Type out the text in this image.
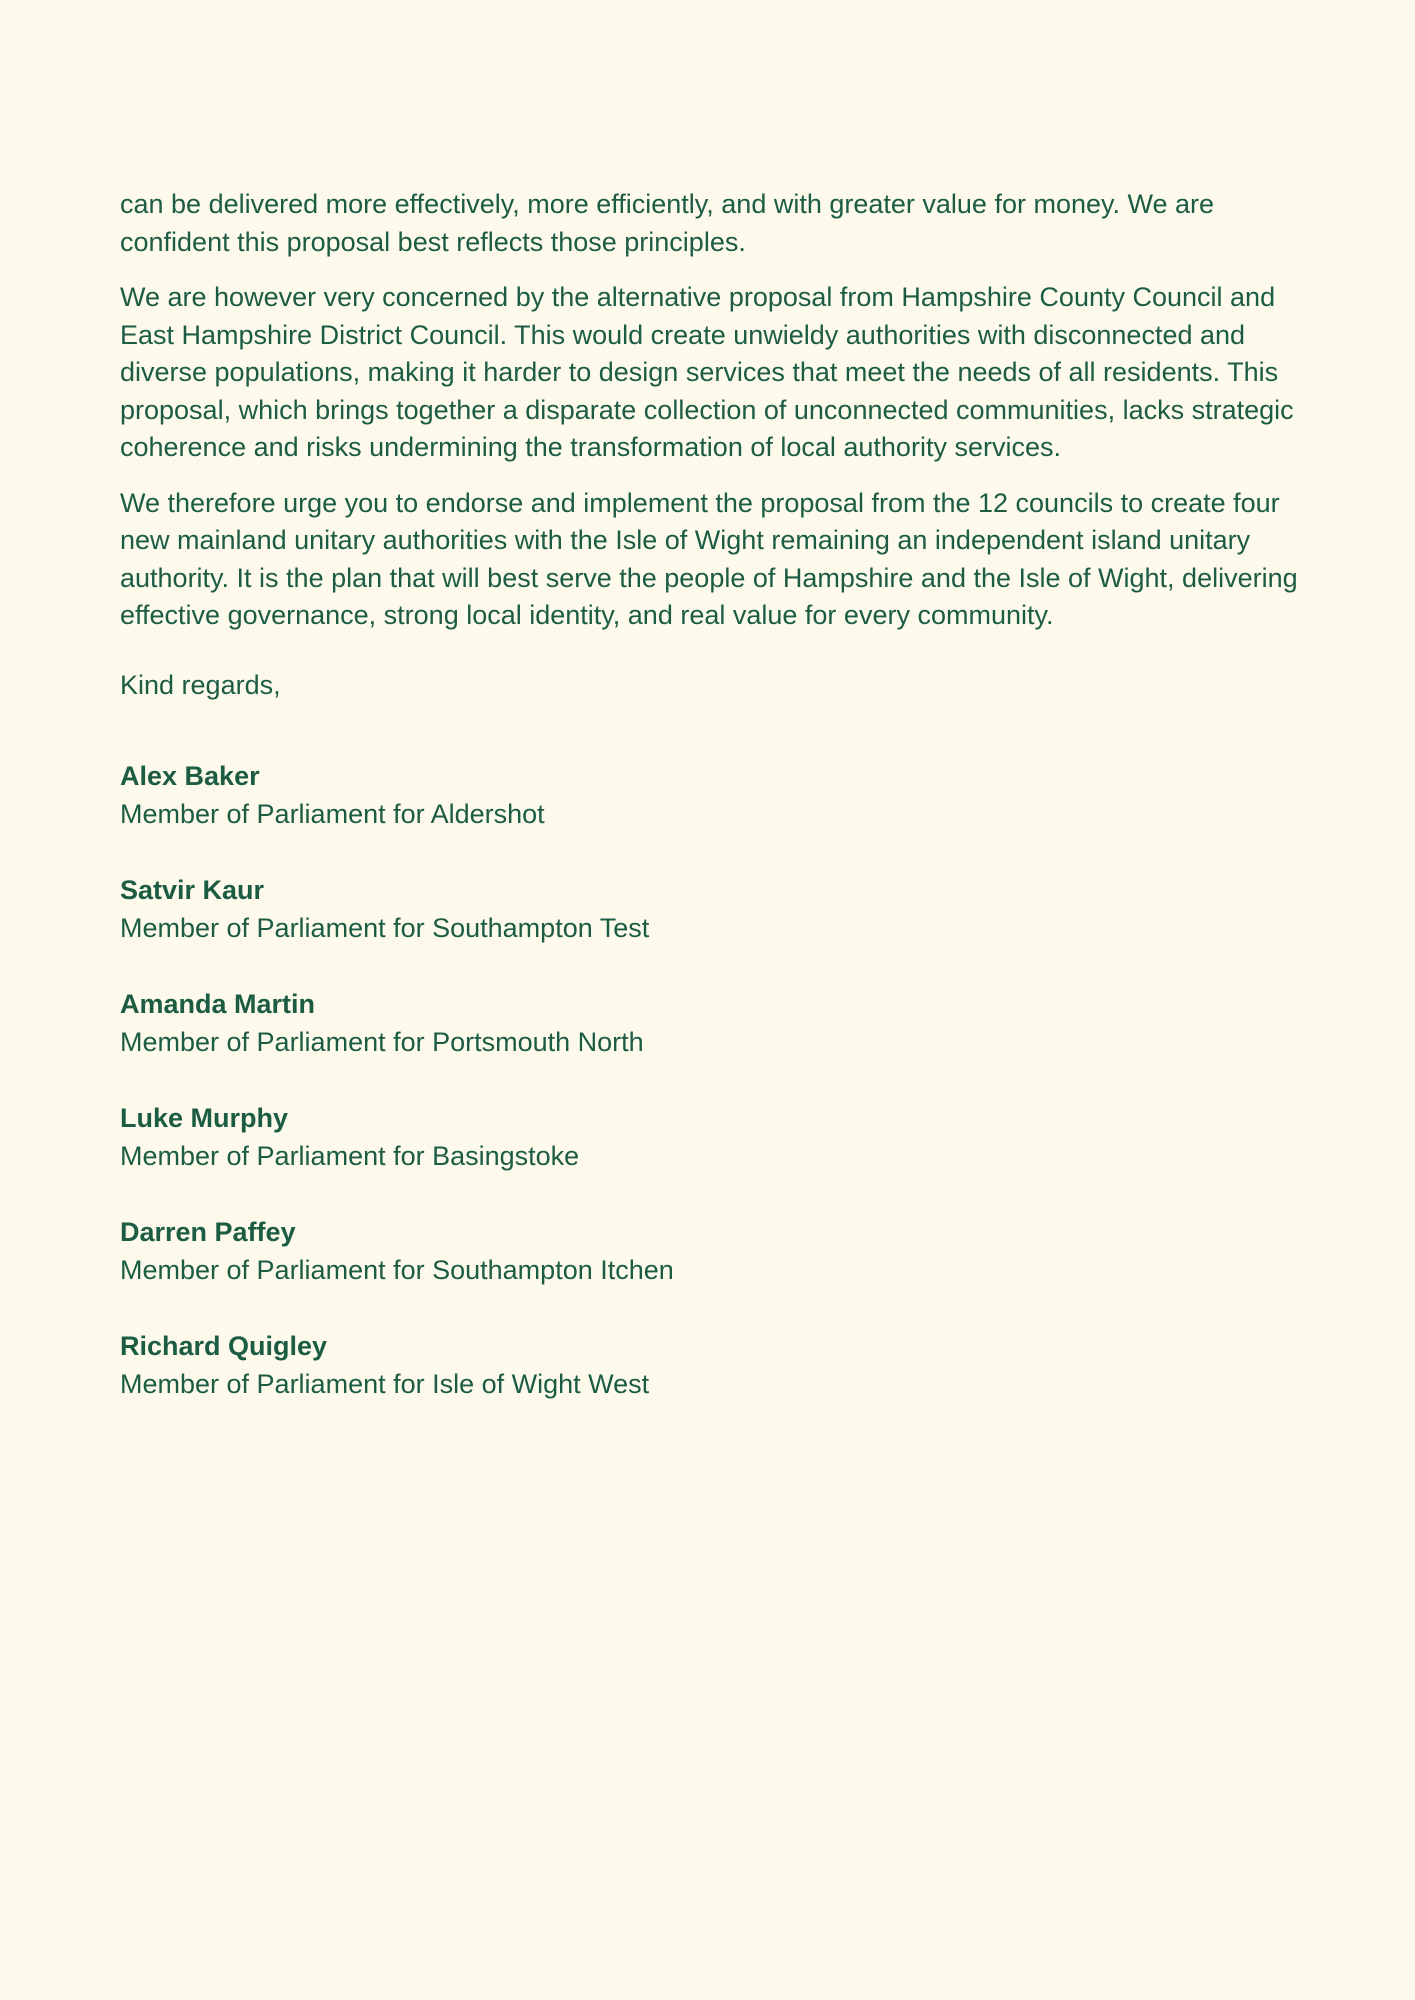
can be delivered more effectively, more efficiently, and with greater value for money. We are confident this proposal best reflects those principles.

We are however very concerned by the alternative proposal from Hampshire County Council and East Hampshire District Council. This would create unwieldy authorities with disconnected and diverse populations, making it harder to design services that meet the needs of all residents. This proposal, which brings together a disparate collection of unconnected communities, lacks strategic coherence and risks undermining the transformation of local authority services.

We therefore urge you to endorse and implement the proposal from the 12 councils to create four new mainland unitary authorities with the Isle of Wight remaining an independent island unitary authority. It is the plan that will best serve the people of Hampshire and the Isle of Wight, delivering effective governance, strong local identity, and real value for every community.

Kind regards,
Alex Baker
Member of Parliament for Aldershot
Satvir Kaur
Member of Parliament for Southampton Test
Amanda Martin
Member of Parliament for Portsmouth North
Luke Murphy
Member of Parliament for Basingstoke
Darren Paffey
Member of Parliament for Southampton Itchen
Richard Quigley
Member of Parliament for Isle of Wight West
